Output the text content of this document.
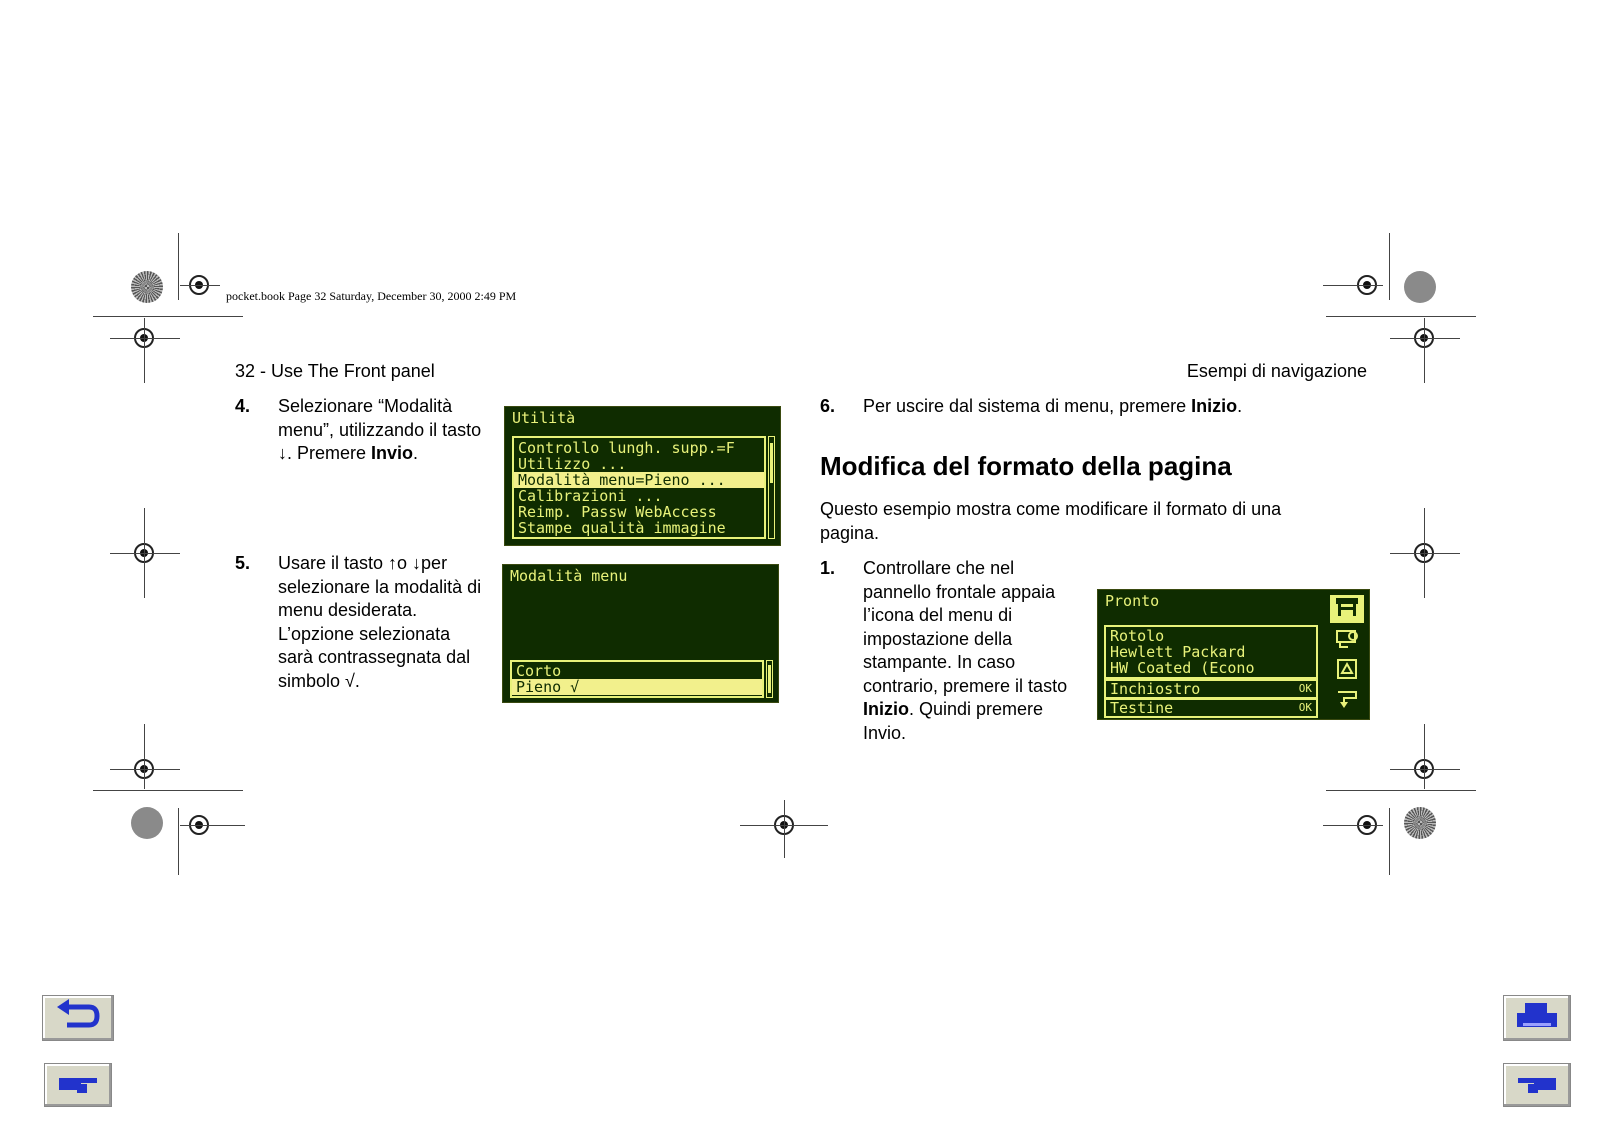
pocket.book Page 32 Saturday, December 30, 2000 2:49 PM
32 - Use The Front panel	Esempi di navigazione
4. Selezionare “Modalità menu”, utilizzando il tasto ↓. Premere Invio.
Utilità
Controllo lungh. supp.=F
Utilizzo ...
Modalità menu=Pieno ...
Calibrazioni ...
Reimp. Passw WebAccess
Stampe qualità immagine
5. Usare il tasto ↑o ↓per selezionare la modalità di menu desiderata. L’opzione selezionata sarà contrassegnata dal simbolo √.
Modalità menu
Corto
Pieno √
6. Per uscire dal sistema di menu, premere Inizio.
Modifica del formato della pagina
Questo esempio mostra come modificare il formato di una pagina.
1. Controllare che nel pannello frontale appaia l’icona del menu di impostazione della stampante. In caso contrario, premere il tasto Inizio. Quindi premere Invio.
Pronto
Rotolo
Hewlett Packard
HW Coated (Econo
Inchiostro	OK
Testine	OK
